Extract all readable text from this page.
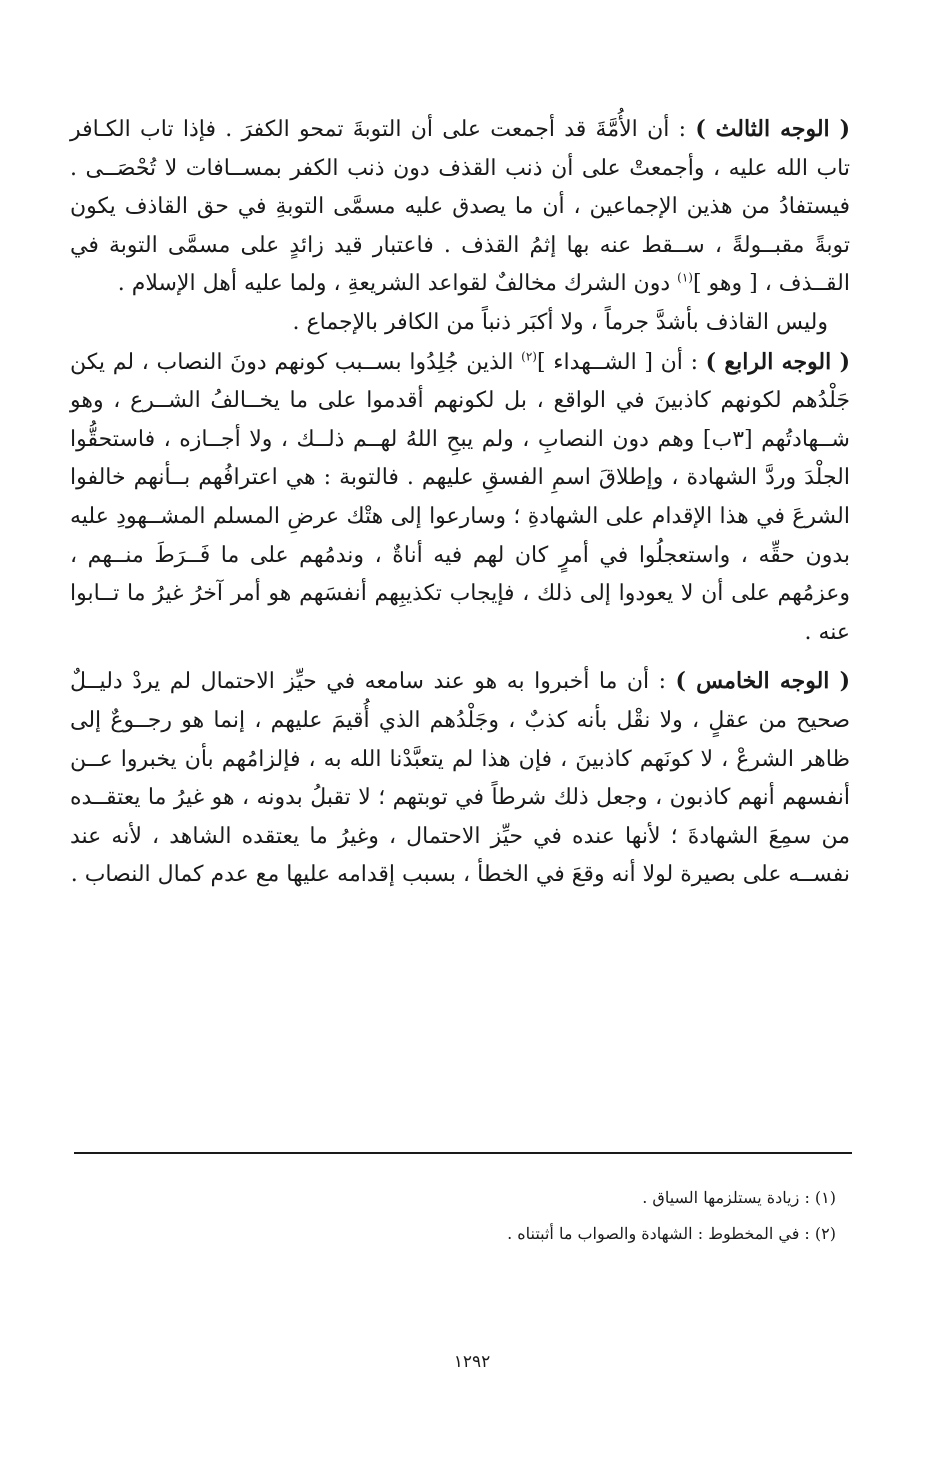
( الوجه الثالث ) : أن الأُمَّةَ قد أجمعت على أن التوبةَ تمحو الكفرَ . فإذا تاب الكـافر تاب الله عليه ، وأجمعتْ على أن ذنب القذف دون ذنب الكفر بمســافات لا تُحْصَــى . فيستفادُ من هذين الإجماعين ، أن ما يصدق عليه مسمَّى التوبةِ في حق القاذف يكون توبةً مقبــولةً ، ســقط عنه بها إثمُ القذف . فاعتبار قيد زائدٍ على مسمَّى التوبة في القــذف ، [ وهو ]$^{(١)}$ دون الشرك مخالفٌ لقواعد الشريعةِ ، ولما عليه أهل الإسلام .

وليس القاذف بأشدَّ جرماً ، ولا أكبَر ذنباً من الكافر بالإجماع .

( الوجه الرابع ) : أن [ الشــهداء ]$^{(٢)}$ الذين جُلِدُوا بســبب كونهم دونَ النصاب ، لم يكن جَلْدُهم لكونهم كاذبينَ في الواقع ، بل لكونهم أقدموا على ما يخــالفُ الشــرع ، وهو شــهادتُهم [٣ب] وهم دون النصابِ ، ولم يبحِ اللهُ لهــم ذلــك ، ولا أجــازه ، فاستحقُّوا الجلْدَ وردَّ الشهادة ، وإطلاقَ اسمِ الفسقِ عليهم . فالتوبة : هي اعترافُهم بــأنهم خالفوا الشرعَ في هذا الإقدام على الشهادةِ ؛ وسارعوا إلى هتْك عرضِ المسلم المشــهودِ عليه بدون حقِّه ، واستعجلُوا في أمرٍ كان لهم فيه أناةٌ ، وندمُهم على ما فَــرَطَ منــهم ، وعزمُهم على أن لا يعودوا إلى ذلك ، فإيجاب تكذيبِهم أنفسَهم هو أمر آخرُ غيرُ ما تــابوا عنه .

( الوجه الخامس ) : أن ما أخبروا به هو عند سامعه في حيِّز الاحتمال لم يردْ دليــلٌ صحيح من عقلٍ ، ولا نقْل بأنه كذبٌ ، وجَلْدُهم الذي أُقيمَ عليهم ، إنما هو رجــوعٌ إلى ظاهر الشرعْ ، لا كونَهم كاذبينَ ، فإن هذا لم يتعبَّدْنا الله به ، فإلزامُهم بأن يخبروا عــن أنفسهم أنهم كاذبون ، وجعل ذلك شرطاً في توبتهم ؛ لا تقبلُ بدونه ، هو غيرُ ما يعتقــده من سمِعَ الشهادةَ ؛ لأنها عنده في حيِّز الاحتمال ، وغيرُ ما يعتقده الشاهد ، لأنه عند نفســه على بصيرة لولا أنه وقعَ في الخطأ ، بسبب إقدامه عليها مع عدم كمال النصاب .

(١) : زيادة يستلزمها السياق .

(٢) : في المخطوط : الشهادة والصواب ما أثبتناه .

١٢٩٢
